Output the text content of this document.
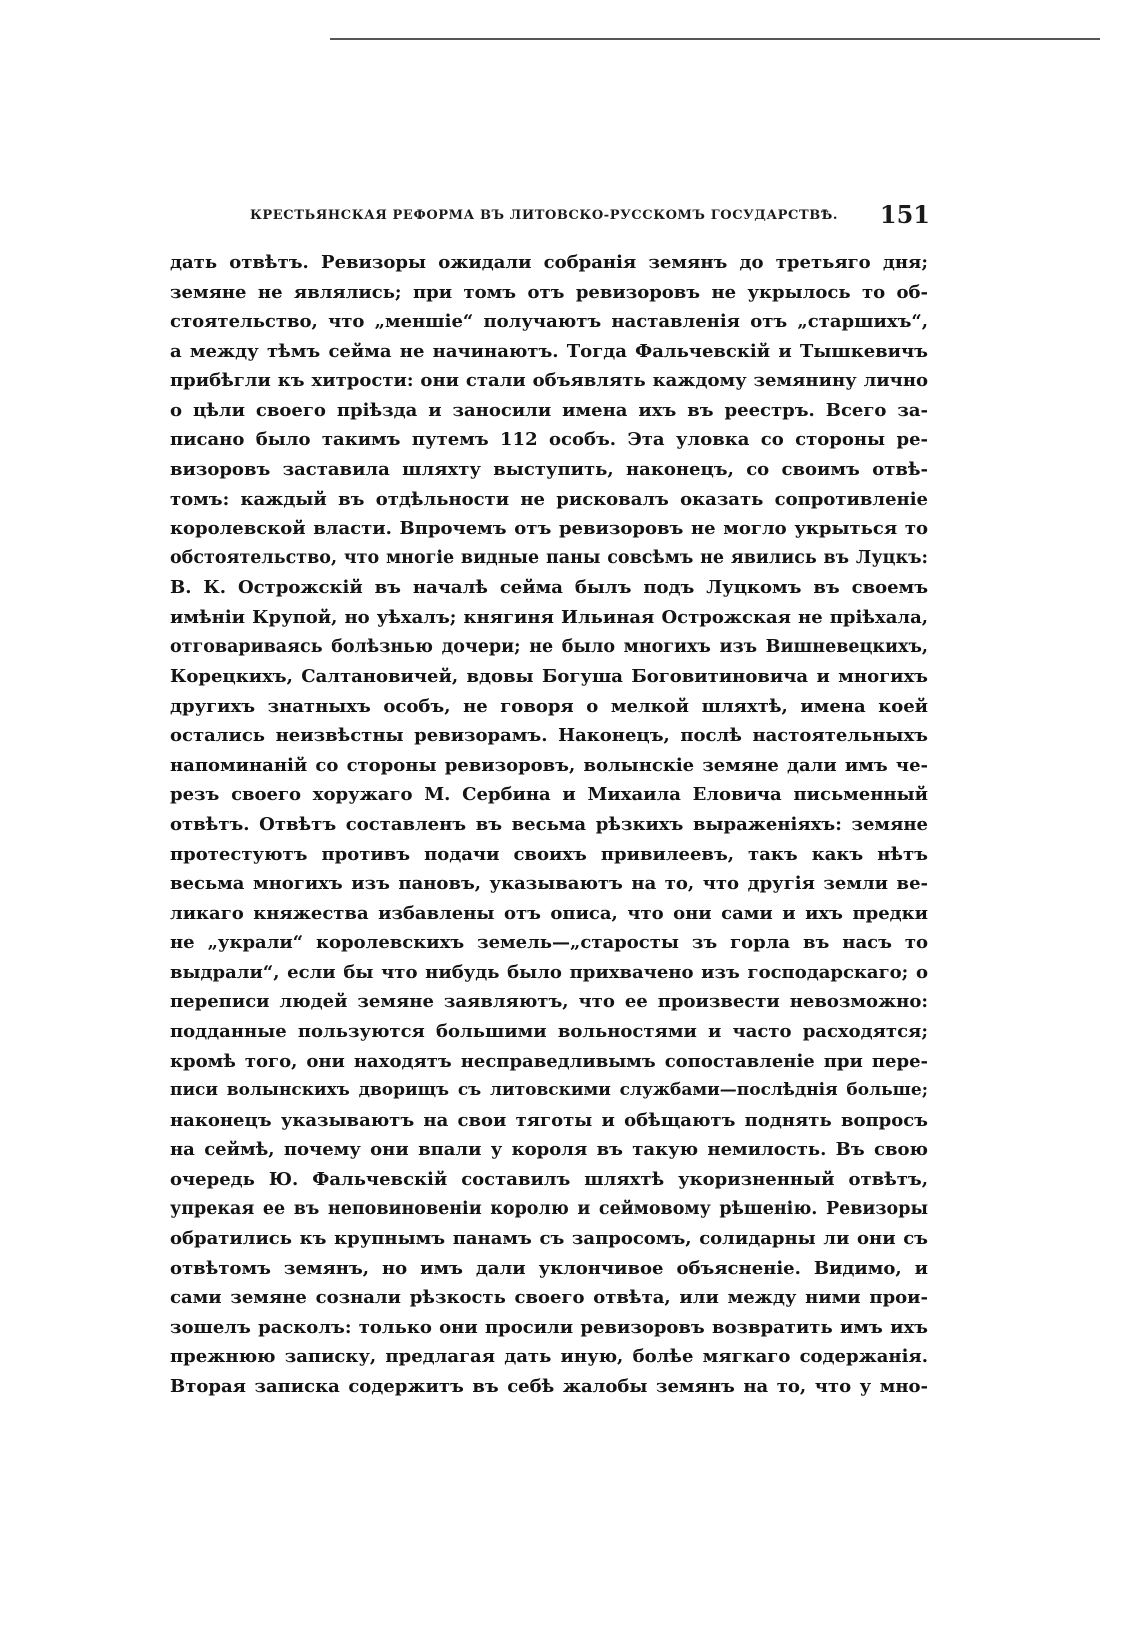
КРЕСТЬЯНСКАЯ РЕФОРМА ВЪ ЛИТОВСКО-РУССКОМЪ ГОСУДАРСТВѢ. 151
дать отвѣтъ. Ревизоры ожидали собранія земянъ до третьяго дня;
земяне не являлись; при томъ отъ ревизоровъ не укрылось то об-
стоятельство, что „меншіе“ получаютъ наставленія отъ „старшихъ“,
а между тѣмъ сейма не начинаютъ. Тогда Фальчевскій и Тышкевичъ
прибѣгли къ хитрости: они стали объявлять каждому земянину лично
о цѣли своего пріѣзда и заносили имена ихъ въ реестръ. Всего за-
писано было такимъ путемъ 112 особъ. Эта уловка со стороны ре-
визоровъ заставила шляхту выступить, наконецъ, со своимъ отвѣ-
томъ: каждый въ отдѣльности не рисковалъ оказать сопротивленіе
королевской власти. Впрочемъ отъ ревизоровъ не могло укрыться то
обстоятельство, что многіе видные паны совсѣмъ не явились въ Луцкъ:
В. К. Острожскій въ началѣ сейма былъ подъ Луцкомъ въ своемъ
имѣніи Крупой, но уѣхалъ; княгиня Ильиная Острожская не пріѣхала,
отговариваясь болѣзнью дочери; не было многихъ изъ Вишневецкихъ,
Корецкихъ, Салтановичей, вдовы Богуша Боговитиновича и многихъ
другихъ знатныхъ особъ, не говоря о мелкой шляхтѣ, имена коей
остались неизвѣстны ревизорамъ. Наконецъ, послѣ настоятельныхъ
напоминаній со стороны ревизоровъ, волынскіе земяне дали имъ че-
резъ своего хоружаго М. Сербина и Михаила Еловича письменный
отвѣтъ. Отвѣтъ составленъ въ весьма рѣзкихъ выраженіяхъ: земяне
протестуютъ противъ подачи своихъ привилеевъ, такъ какъ нѣтъ
весьма многихъ изъ пановъ, указываютъ на то, что другія земли ве-
ликаго княжества избавлены отъ описа, что они сами и ихъ предки
не „украли“ королевскихъ земель—„старосты зъ горла въ насъ то
выдрали“, если бы что нибудь было прихвачено изъ господарскаго; о
переписи людей земяне заявляютъ, что ее произвести невозможно:
подданные пользуются большими вольностями и часто расходятся;
кромѣ того, они находятъ несправедливымъ сопоставленіе при пере-
писи волынскихъ дворищъ съ литовскими службами—послѣднія больше;
наконецъ указываютъ на свои тяготы и обѣщаютъ поднять вопросъ
на сеймѣ, почему они впали у короля въ такую немилость. Въ свою
очередь Ю. Фальчевскій составилъ шляхтѣ укоризненный отвѣтъ,
упрекая ее въ неповиновеніи королю и сеймовому рѣшенію. Ревизоры
обратились къ крупнымъ панамъ съ запросомъ, солидарны ли они съ
отвѣтомъ земянъ, но имъ дали уклончивое объясненіе. Видимо, и
сами земяне сознали рѣзкость своего отвѣта, или между ними прои-
зошелъ расколъ: только они просили ревизоровъ возвратить имъ ихъ
прежнюю записку, предлагая дать иную, болѣе мягкаго содержанія.
Вторая записка содержитъ въ себѣ жалобы земянъ на то, что у мно-
